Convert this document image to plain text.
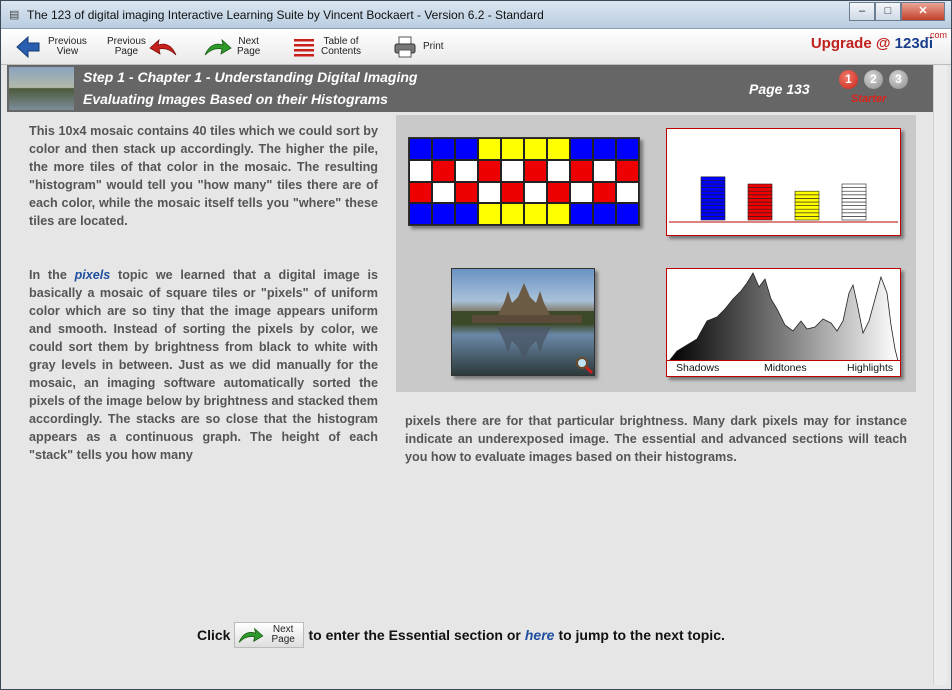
▤ The 123 of digital imaging Interactive Learning Suite by Vincent Bockaert - Version 6.2 - Standard	–	□	✕
Previous
View
Previous
Page
Next
Page
Table of
Contents	Print	Upgrade @ 123di
.com
Step 1 - Chapter 1 - Understanding Digital Imaging
Evaluating Images Based on their Histograms
Page 133
1	2	3
Starter
This 10x4 mosaic contains 40 tiles which we could sort by color and then stack up accordingly. The higher the pile, the more tiles of that color in the mosaic. The resulting "histogram" would tell you "how many" tiles there are of each color, while the mosaic itself tells you "where" these tiles are located.
In the pixels topic we learned that a digital image is basically a mosaic of square tiles or "pixels" of uniform color which are so tiny that the image appears uniform and smooth. Instead of sorting the pixels by color, we could sort them by brightness from black to white with gray levels in between. Just as we did manually for the mosaic, an imaging software automatically sorted the pixels of the image below by brightness and stacked them accordingly. The stacks are so close that the histogram appears as a continuous graph. The height of each "stack" tells you how many
Shadows	Midtones	Highlights
pixels there are for that particular brightness. Many dark pixels may for instance indicate an underexposed image. The essential and advanced sections will teach you how to evaluate images based on their histograms.
Click	Next
Page to enter the Essential section or here to jump to the next topic.
